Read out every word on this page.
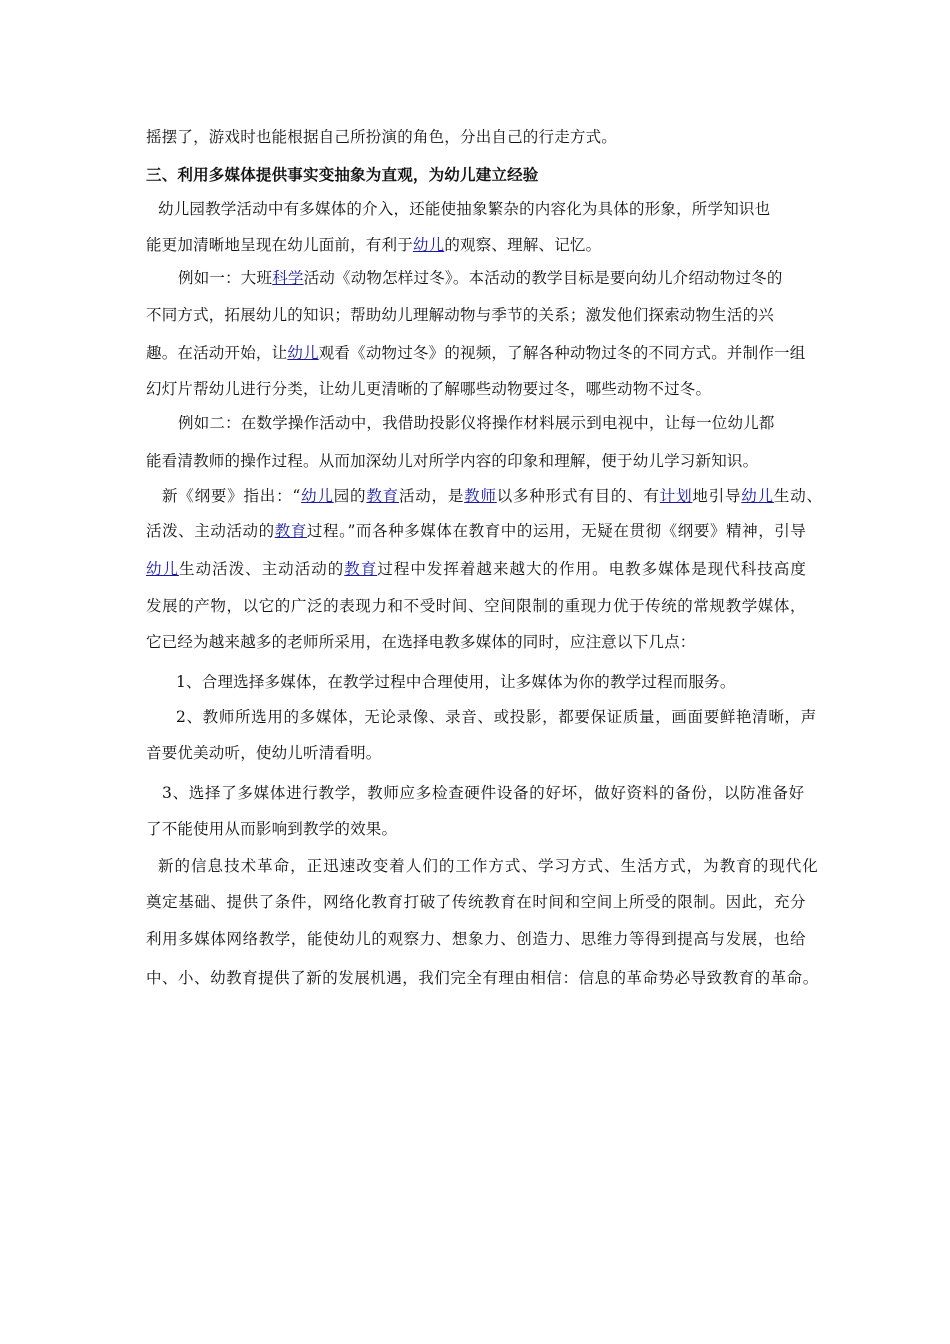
摇摆了，游戏时也能根据自己所扮演的角色，分出自己的行走方式。
三、利用多媒体提供事实变抽象为直观，为幼儿建立经验
幼儿园教学活动中有多媒体的介入，还能使抽象繁杂的内容化为具体的形象，所学知识也
能更加清晰地呈现在幼儿面前，有利于幼儿的观察、理解、记忆。
例如一：大班科学活动《动物怎样过冬》。本活动的教学目标是要向幼儿介绍动物过冬的
不同方式，拓展幼儿的知识；帮助幼儿理解动物与季节的关系；激发他们探索动物生活的兴
趣。在活动开始，让幼儿观看《动物过冬》的视频，了解各种动物过冬的不同方式。并制作一组
幻灯片帮幼儿进行分类，让幼儿更清晰的了解哪些动物要过冬，哪些动物不过冬。
例如二：在数学操作活动中，我借助投影仪将操作材料展示到电视中，让每一位幼儿都
能看清教师的操作过程。从而加深幼儿对所学内容的印象和理解，便于幼儿学习新知识。
新《纲要》指出：“幼儿园的教育活动，是教师以多种形式有目的、有计划地引导幼儿生动、
活泼、主动活动的教育过程。”而各种多媒体在教育中的运用，无疑在贯彻《纲要》精神，引导
幼儿生动活泼、主动活动的教育过程中发挥着越来越大的作用。电教多媒体是现代科技高度
发展的产物，以它的广泛的表现力和不受时间、空间限制的重现力优于传统的常规教学媒体，
它已经为越来越多的老师所采用，在选择电教多媒体的同时，应注意以下几点：
1、合理选择多媒体，在教学过程中合理使用，让多媒体为你的教学过程而服务。
2、教师所选用的多媒体，无论录像、录音、或投影，都要保证质量，画面要鲜艳清晰，声
音要优美动听，使幼儿听清看明。
3、选择了多媒体进行教学，教师应多检查硬件设备的好坏，做好资料的备份，以防准备好
了不能使用从而影响到教学的效果。
新的信息技术革命，正迅速改变着人们的工作方式、学习方式、生活方式，为教育的现代化
奠定基础、提供了条件，网络化教育打破了传统教育在时间和空间上所受的限制。因此，充分
利用多媒体网络教学，能使幼儿的观察力、想象力、创造力、思维力等得到提高与发展，也给
中、小、幼教育提供了新的发展机遇，我们完全有理由相信：信息的革命势必导致教育的革命。
